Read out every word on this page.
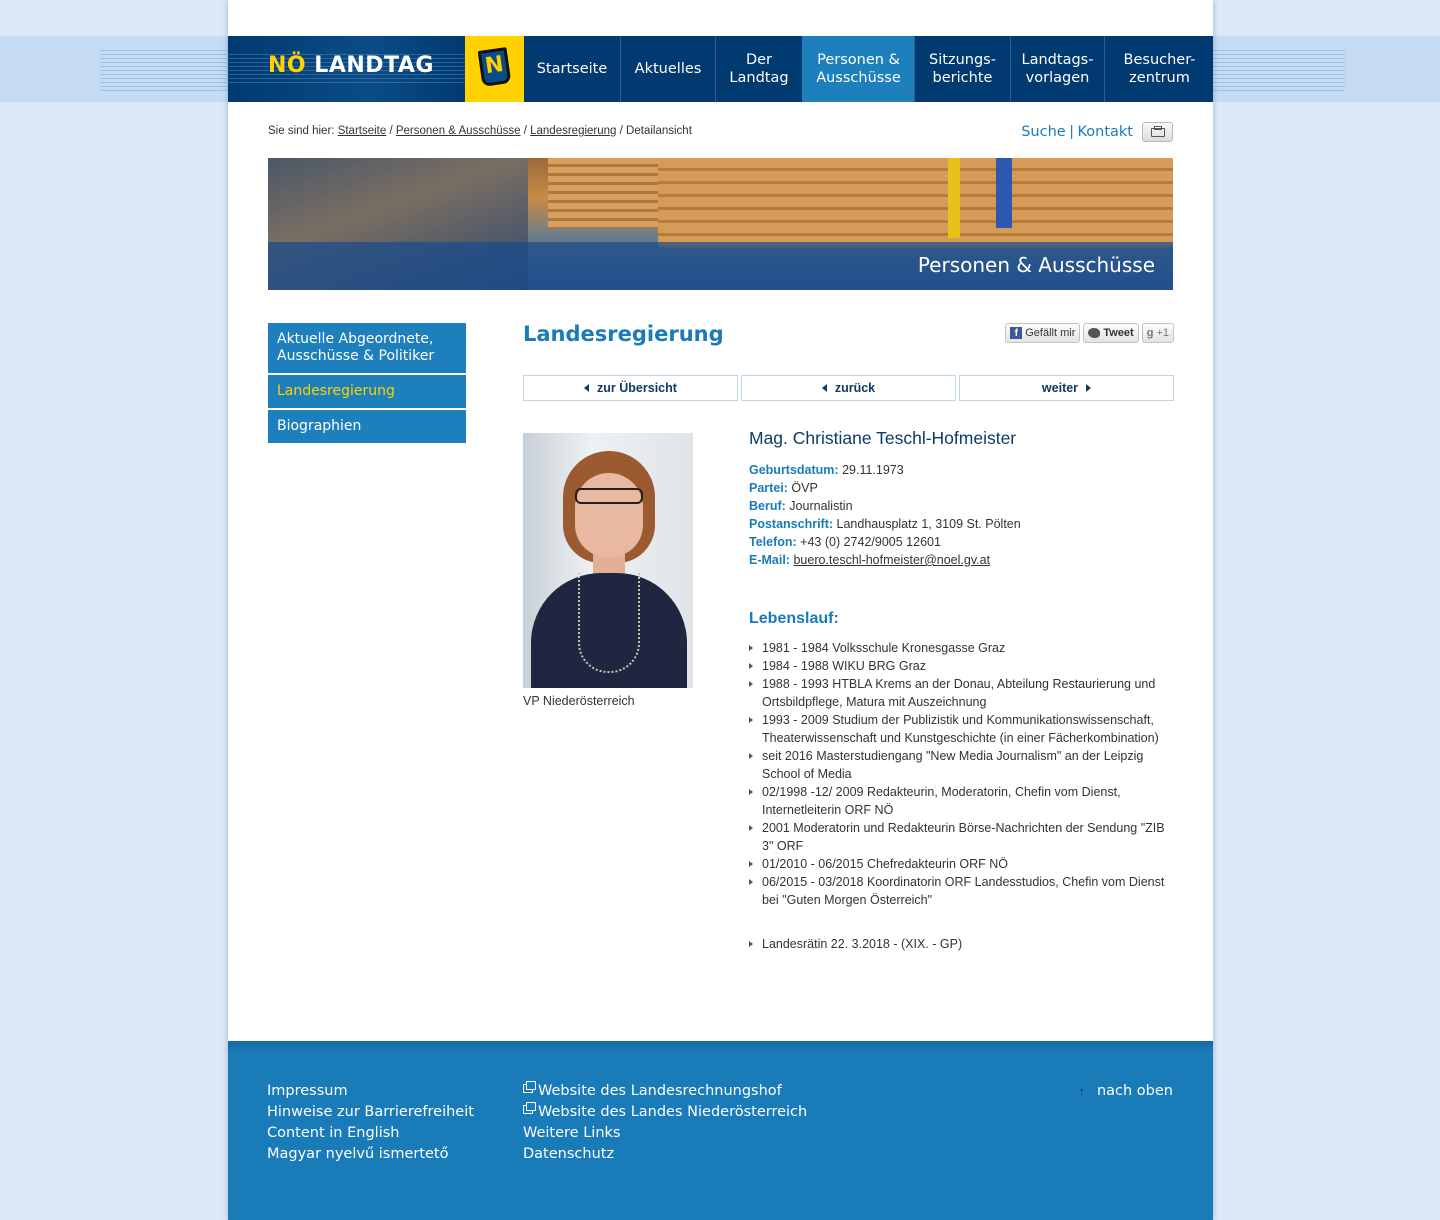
NÖ LANDTAG N	Startseite	Aktuelles
Der
Landtag
Personen &
Ausschüsse
Sitzungs-
berichte
Landtags-
vorlagen
Besucher-
zentrum
Sie sind hier: Startseite / Personen & Ausschüsse / Landesregierung / Detailansicht	Suche | Kontakt
Personen & Ausschüsse
Aktuelle Abgeordnete,
Ausschüsse & Politiker
Landesregierung
Biographien
Landesregierung	f Gefällt mir	Tweet g +1
zur Übersicht	zurück	weiter
VP Niederösterreich
Mag. Christiane Teschl-Hofmeister
Geburtsdatum: 29.11.1973
Partei: ÖVP
Beruf: Journalistin
Postanschrift: Landhausplatz 1, 3109 St. Pölten
Telefon: +43 (0) 2742/9005 12601
E-Mail: buero.teschl-hofmeister@noel.gv.at
Lebenslauf:
1981 - 1984 Volksschule Kronesgasse Graz
1984 - 1988 WIKU BRG Graz
1988 - 1993 HTBLA Krems an der Donau, Abteilung Restaurierung und Ortsbildpflege, Matura mit Auszeichnung
1993 - 2009 Studium der Publizistik und Kommunikationswissenschaft, Theaterwissenschaft und Kunstgeschichte (in einer Fächerkombination)
seit 2016 Masterstudiengang "New Media Journalism" an der Leipzig School of Media
02/1998 -12/ 2009 Redakteurin, Moderatorin, Chefin vom Dienst, Internetleiterin ORF NÖ
2001 Moderatorin und Redakteurin Börse-Nachrichten der Sendung "ZIB 3" ORF
01/2010 - 06/2015 Chefredakteurin ORF NÖ
06/2015 - 03/2018 Koordinatorin ORF Landesstudios, Chefin vom Dienst bei "Guten Morgen Österreich"
Landesrätin 22. 3.2018 - (XIX. - GP)
Impressum
Hinweise zur Barrierefreiheit
Content in English
Magyar nyelvű ismertető
Website des Landesrechnungshof
Website des Landes Niederösterreich
Weitere Links
Datenschutz
↑ nach oben
